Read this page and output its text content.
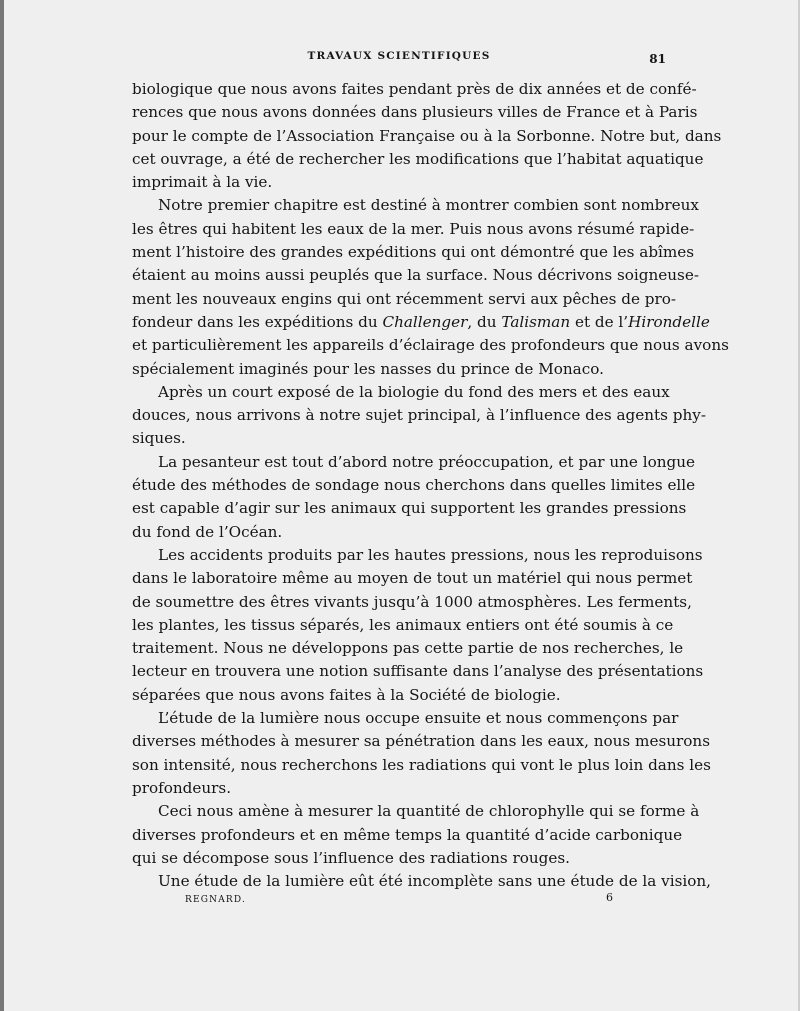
TRAVAUX SCIENTIFIQUES	81
biologique que nous avons faites pendant près de dix années et de confé-
rences que nous avons données dans plusieurs villes de France et à Paris
pour le compte de l’Association Française ou à la Sorbonne. Notre but, dans
cet ouvrage, a été de rechercher les modifications que l’habitat aquatique
imprimait à la vie.
Notre premier chapitre est destiné à montrer combien sont nombreux
les êtres qui habitent les eaux de la mer. Puis nous avons résumé rapide-
ment l’histoire des grandes expéditions qui ont démontré que les abîmes
étaient au moins aussi peuplés que la surface. Nous décrivons soigneuse-
ment les nouveaux engins qui ont récemment servi aux pêches de pro-
fondeur dans les expéditions du Challenger, du Talisman et de l’Hirondelle
et particulièrement les appareils d’éclairage des profondeurs que nous avons
spécialement imaginés pour les nasses du prince de Monaco.
Après un court exposé de la biologie du fond des mers et des eaux
douces, nous arrivons à notre sujet principal, à l’influence des agents phy-
siques.
La pesanteur est tout d’abord notre préoccupation, et par une longue
étude des méthodes de sondage nous cherchons dans quelles limites elle
est capable d’agir sur les animaux qui supportent les grandes pressions
du fond de l’Océan.
Les accidents produits par les hautes pressions, nous les reproduisons
dans le laboratoire même au moyen de tout un matériel qui nous permet
de soumettre des êtres vivants jusqu’à 1000 atmosphères. Les ferments,
les plantes, les tissus séparés, les animaux entiers ont été soumis à ce
traitement. Nous ne développons pas cette partie de nos recherches, le
lecteur en trouvera une notion suffisante dans l’analyse des présentations
séparées que nous avons faites à la Société de biologie.
L’étude de la lumière nous occupe ensuite et nous commençons par
diverses méthodes à mesurer sa pénétration dans les eaux, nous mesurons
son intensité, nous recherchons les radiations qui vont le plus loin dans les
profondeurs.
Ceci nous amène à mesurer la quantité de chlorophylle qui se forme à
diverses profondeurs et en même temps la quantité d’acide carbonique
qui se décompose sous l’influence des radiations rouges.
Une étude de la lumière eût été incomplète sans une étude de la vision,
REGNARD.	6
